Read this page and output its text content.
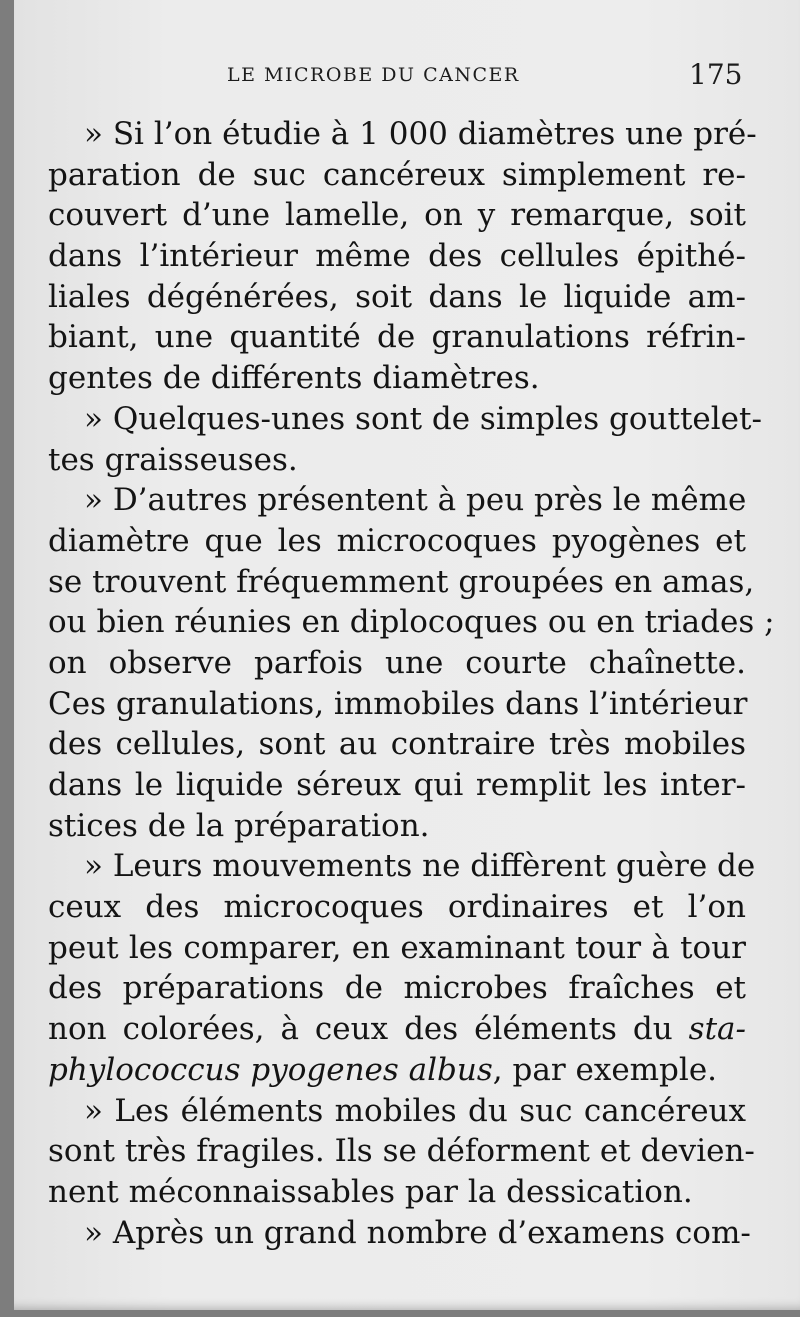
LE MICROBE DU CANCER	175
» Si l’on étudie à 1 000 diamètres une pré-
paration de suc cancéreux simplement re-
couvert d’une lamelle, on y remarque, soit
dans l’intérieur même des cellules épithé-
liales dégénérées, soit dans le liquide am-
biant, une quantité de granulations réfrin-
gentes de différents diamètres.
» Quelques-unes sont de simples gouttelet-
tes graisseuses.
» D’autres présentent à peu près le même
diamètre que les microcoques pyogènes et
se trouvent fréquemment groupées en amas,
ou bien réunies en diplocoques ou en triades ;
on observe parfois une courte chaînette.
Ces granulations, immobiles dans l’intérieur
des cellules, sont au contraire très mobiles
dans le liquide séreux qui remplit les inter-
stices de la préparation.
» Leurs mouvements ne diffèrent guère de
ceux des microcoques ordinaires et l’on
peut les comparer, en examinant tour à tour
des préparations de microbes fraîches et
non colorées, à ceux des éléments du sta-
phylococcus pyogenes albus, par exemple.
» Les éléments mobiles du suc cancéreux
sont très fragiles. Ils se déforment et devien-
nent méconnaissables par la dessication.
» Après un grand nombre d’examens com-
